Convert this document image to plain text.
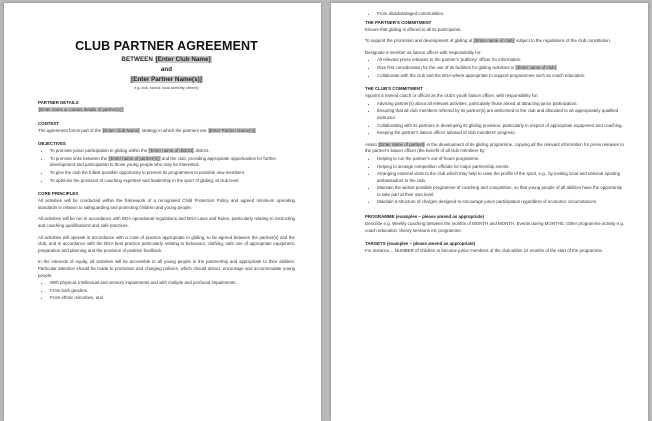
CLUB PARTNER AGREEMENT
BETWEEN [Enter Club Name]
and
[Enter Partner Name(s)]
e.g. club, school, local authority, other(s)
PARTNER DETAILS
[Enter name & contact details of partner(s)]
CONTEXT
The agreement forms part of the [Enter Club Name] strategy in which the partners are [Enter Partner Name(s)]
OBJECTIVES
• To promote junior participation in gliding within the [Enter name of district] district.
• To promote links between the [Enter name of partner(s)] and the club, providing appropriate opportunities for further development and participation to those young people who may be interested.
• To give the club the fullest possible opportunity to present its programmes to possible new members.
• To optimise the provision of coaching expertise and leadership in the sport of gliding, at club level.
CORE PRINCIPLES
All activities will be conducted within the framework of a recognised Child Protection Policy and agreed minimum operating standards in relation to safeguarding and protecting children and young people.
All activities will be run in accordance with BGA operational regulations and BGA Laws and Rules, particularly relating to instructing and coaching qualifications and safe practices.
All activities will operate in accordance with a code of practice appropriate to gliding, to be agreed between the partner(s) and the club, and in accordance with the BGA best practice particularly relating to behaviour, clothing, safe use of appropriate equipment, preparation and planning and the provision of positive feedback.
In the interests of equity, all activities will be accessible to all young people in the partnership and appropriate to their abilities. Particular attention should be made to promotion and charging policies, which should attract, encourage and accommodate young people:
• With physical, intellectual and sensory impairments and with multiple and profound impairments.
• From both genders.
• From ethnic minorities, and
• From disadvantaged communities.
THE PARTNER'S COMMITMENT
Ensure that gliding is offered to all its participants.
To support the promotion and development of gliding at [Enter name of club] subject to the regulations of the club constitution.
Designate a member as liaison officer with responsibility for:
• All relevant press releases to the partner's 'publicity' officer for information.
• Give first consideration for the use of its facilities for gliding activities to [Enter name of club]
• Collaborate with the club and the BGA where appropriate to support programmes such as coach education.
THE CLUB'S COMMITMENT
Appoint a named coach or official as the club's youth liaison officer, with responsibility for:
• Advising partner(s) about all relevant activities, particularly those aimed at attracting junior participation.
• Ensuring that all club members referred by its partner(s) are welcomed to the club and allocated to an appropriately qualified instructor.
• Collaborating with its partners in developing its gliding provision, particularly in respect of appropriate equipment and coaching.
• Keeping the partner's liaison officer advised of club members' progress.
Assist [Enter name of partner] in the development of its gliding programme, copying all the relevant information for press releases to the partner's liaison officer (the benefit of all club members by:
• Helping to run the partner's out-of-hours programme.
• Helping to arrange competition officials for major partnership events.
• Arranging external visits to the club which may help to raise the profile of the sport, e.g., by inviting local and national sporting ambassadors to the club.
• Maintain the widest possible programme of coaching and competition, so that young people of all abilities have the opportunity to take part at their own level.
• Maintain a structure of charges designed to encourage junior participation regardless of economic circumstances.
PROGRAMME (examples – please amend as appropriate)
Describe e.g. Weekly coaching between the months of MONTH and MONTH. Events during MONTHS. Other programme activity e.g. coach education, theory sessions etc programme.
TARGETS (examples – please amend as appropriate)
For instance… NUMBER of children to become junior members of the club within 12 months of the start of the programme.
